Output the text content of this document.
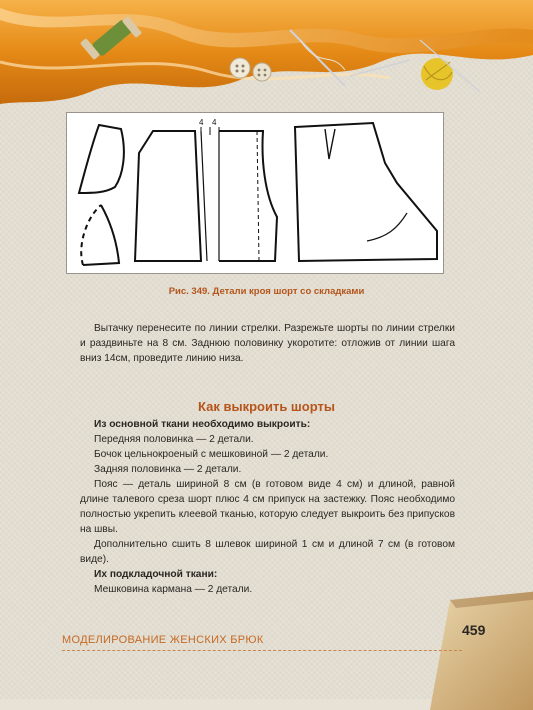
4 4
Рис. 349. Детали кроя шорт со складками
Вытачку перенесите по линии стрелки. Разрежьте шорты по линии стрелки и раздвиньте на 8 см. Заднюю половинку укоротите: отложив от линии шага вниз 14см, проведите линию низа.
Как выкроить шорты
Из основной ткани необходимо выкроить:
Передняя половинка — 2 детали.
Бочок цельнокроеный с мешковиной — 2 детали.
Задняя половинка — 2 детали.
Пояс — деталь шириной 8 см (в готовом виде 4 см) и длиной, равной длине талевого среза шорт плюс 4 см припуск на застежку. Пояс необходимо полностью укрепить клеевой тканью, которую следует выкроить без припусков на швы.
Дополнительно сшить 8 шлевок шириной 1 см и длиной 7 см (в готовом виде).
Их подкладочной ткани:
Мешковина кармана — 2 детали.
МОДЕЛИРОВАНИЕ ЖЕНСКИХ БРЮК
459
